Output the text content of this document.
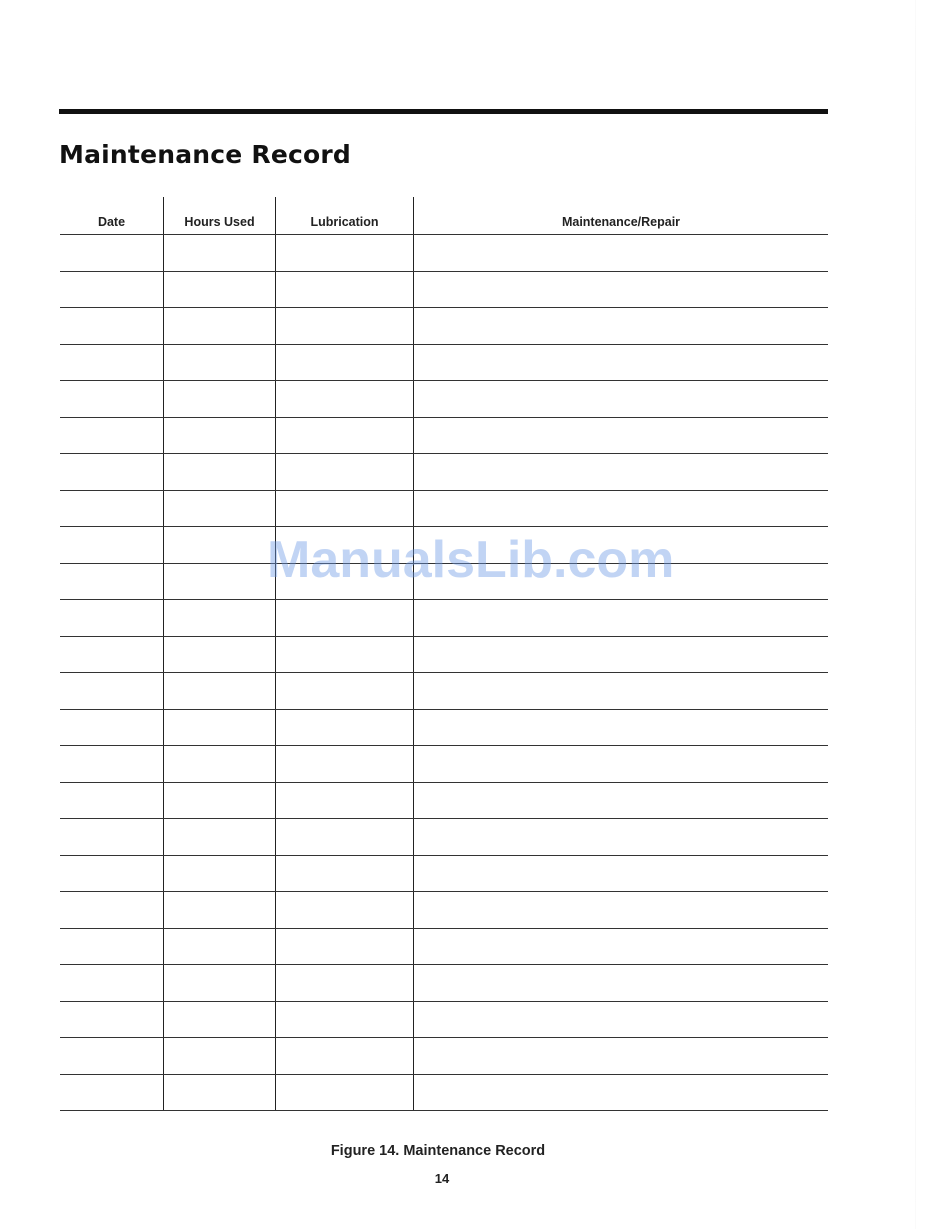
Maintenance Record
Date	Hours Used	Lubrication	Maintenance/Repair
ManualsLib.com
Figure 14. Maintenance Record
14
